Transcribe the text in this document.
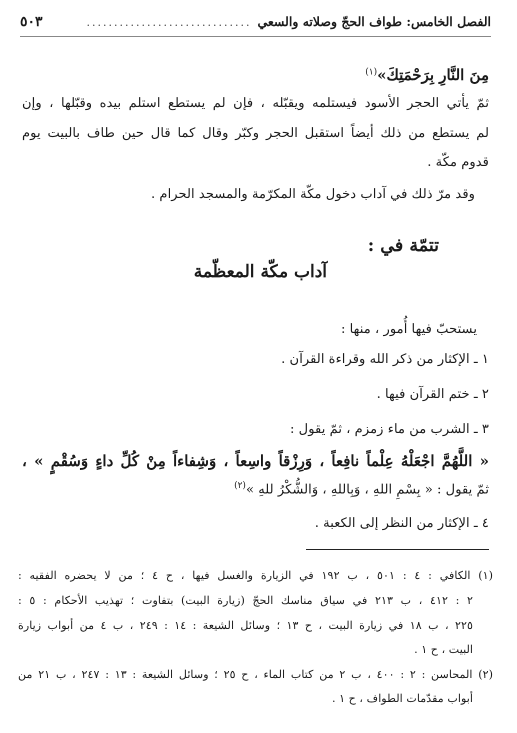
الفصل الخامس: طواف الحجّ وصلاته والسعي
..............................
٥٠٣
مِنَ النَّارِ بِرَحْمَتِكَ»$^{(١)}$
ثمّ يأتي الحجر الأسود فيستلمه ويقبّله ، فإن لم يستطع استلم بيده وقبّلها ، وإن
لم يستطع من ذلك أيضاً استقبل الحجر وكبّر وقال كما قال حين طاف بالبيت يوم
قدوم مكّة .
وقد مرّ ذلك في آداب دخول مكّة المكرّمة والمسجد الحرام .
تتمّة في :
آداب مكّة المعظّمة
يستحبّ فيها أُمور ، منها :
١ ـ الإكثار من ذكر الله وقراءة القرآن .
٢ ـ ختم القرآن فيها .
٣ ـ الشرب من ماء زمزم ، ثمّ يقول :
« اللَّهُمَّ اجْعَلْهُ عِلْماً نافِعاً ، وَرِزْقاً واسِعاً ، وَشِفاءاً مِنْ كُلِّ داءٍ وَسُقْمٍ » ،
ثمّ يقول : « بِسْمِ اللهِ ، وَبِاللهِ ، وَالشُّكْرُ للهِ »$^{(٢)}$
٤ ـ الإكثار من النظر إلى الكعبة .
(١) الكافي : ٤ : ٥٠١ ، ب ١٩٢ في الزيارة والغسل فيها ، ح ٤ ؛ من لا يحضره الفقيه :
٢ : ٤١٢ ، ب ٢١٣ في سياق مناسك الحجّ (زيارة البيت) بتفاوت ؛ تهذيب الأحكام : ٥ :
٢٢٥ ، ب ١٨ في زيارة البيت ، ح ١٣ ؛ وسائل الشيعة : ١٤ : ٢٤٩ ، ب ٤ من أبواب زيارة
البيت ، ح ١ .
(٢) المحاسن : ٢ : ٤٠٠ ، ب ٢ من كتاب الماء ، ح ٢٥ ؛ وسائل الشيعة : ١٣ : ٢٤٧ ، ب ٢١ من
أبواب مقدّمات الطواف ، ح ١ .
